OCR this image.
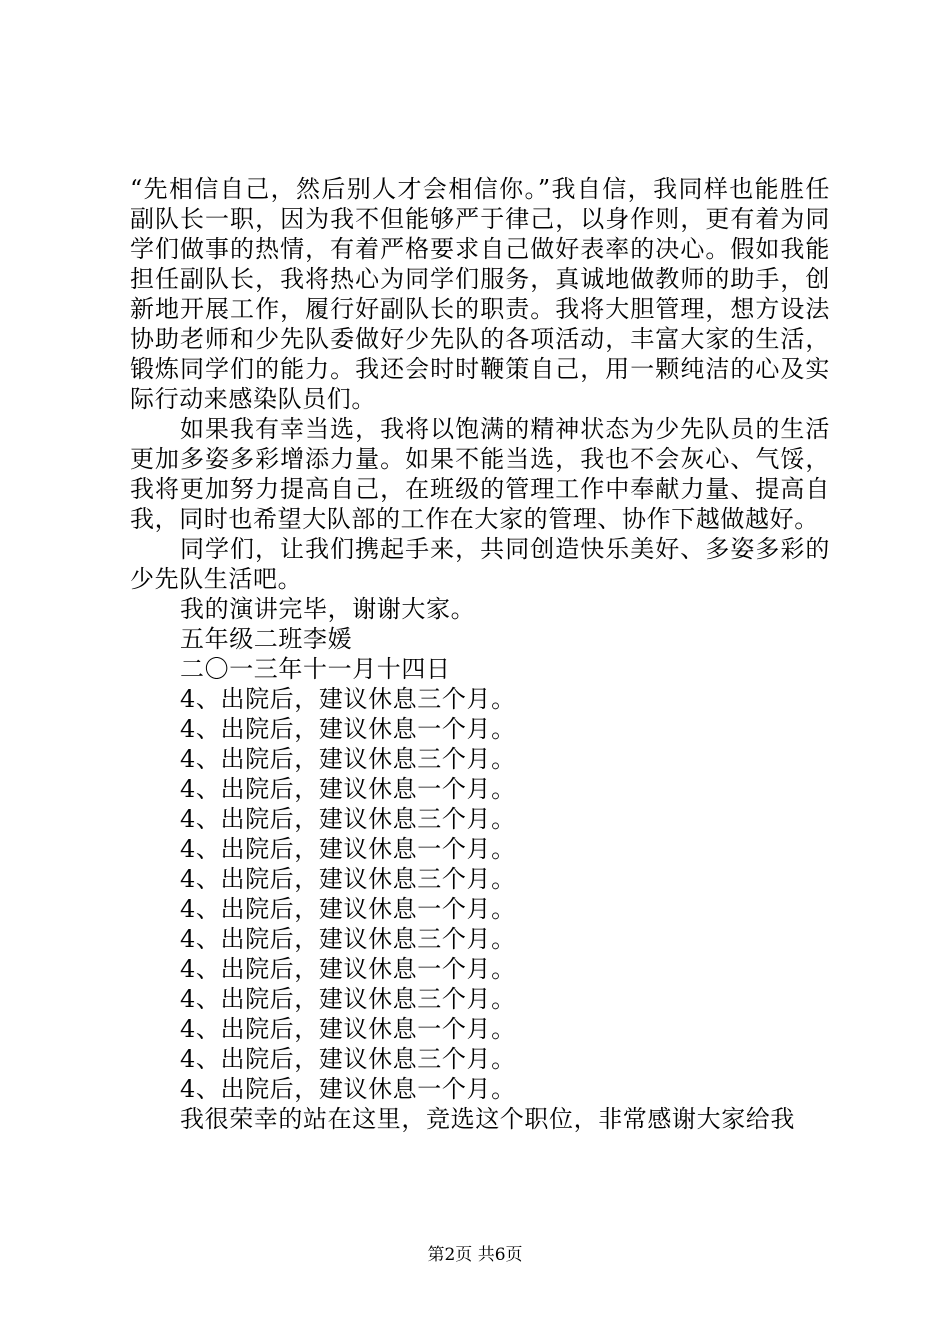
“先相信自己，然后别人才会相信你。”我自信，我同样也能胜任副队长一职，因为我不但能够严于律己，以身作则，更有着为同学们做事的热情，有着严格要求自己做好表率的决心。假如我能担任副队长，我将热心为同学们服务，真诚地做教师的助手，创新地开展工作，履行好副队长的职责。我将大胆管理，想方设法协助老师和少先队委做好少先队的各项活动，丰富大家的生活，锻炼同学们的能力。我还会时时鞭策自己，用一颗纯洁的心及实际行动来感染队员们。

如果我有幸当选，我将以饱满的精神状态为少先队员的生活更加多姿多彩增添力量。如果不能当选，我也不会灰心、气馁，我将更加努力提高自己，在班级的管理工作中奉献力量、提高自我，同时也希望大队部的工作在大家的管理、协作下越做越好。

同学们，让我们携起手来，共同创造快乐美好、多姿多彩的少先队生活吧。

我的演讲完毕，谢谢大家。

五年级二班李媛

二〇一三年十一月十四日

4、出院后，建议休息三个月。

4、出院后，建议休息一个月。

4、出院后，建议休息三个月。

4、出院后，建议休息一个月。

4、出院后，建议休息三个月。

4、出院后，建议休息一个月。

4、出院后，建议休息三个月。

4、出院后，建议休息一个月。

4、出院后，建议休息三个月。

4、出院后，建议休息一个月。

4、出院后，建议休息三个月。

4、出院后，建议休息一个月。

4、出院后，建议休息三个月。

4、出院后，建议休息一个月。

我很荣幸的站在这里，竞选这个职位，非常感谢大家给我

第2页 共6页
